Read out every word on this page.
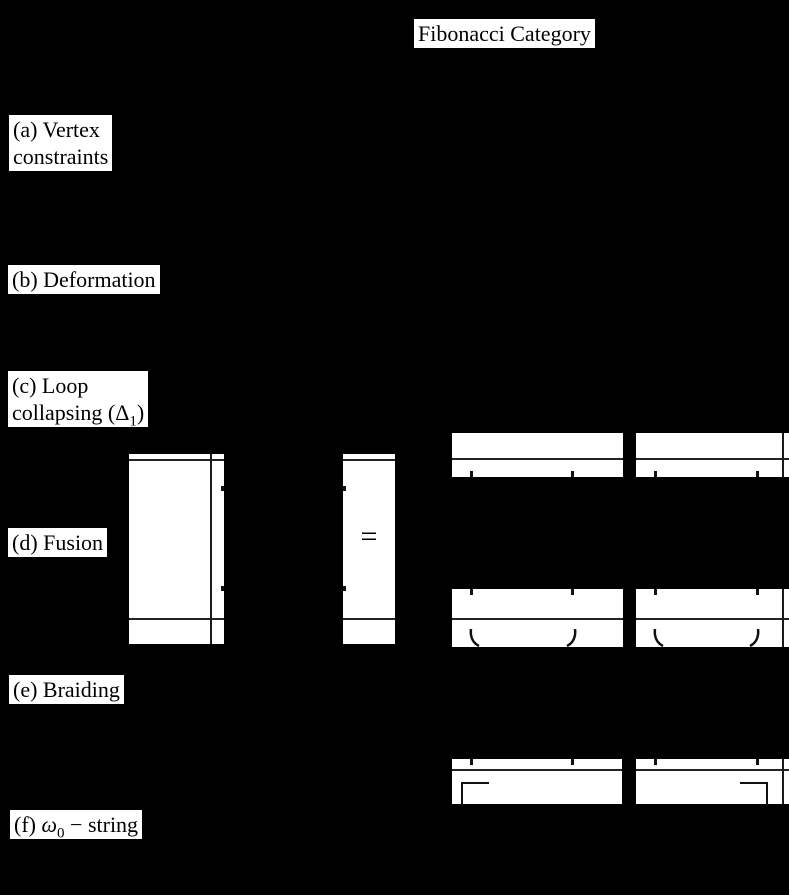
Fibonacci Category
(a) Vertex
constraints
(b) Deformation
(c) Loop
collapsing $(\Delta_1)$
(d) Fusion
(e) Braiding
(f) $\omega_0$ − string
=
